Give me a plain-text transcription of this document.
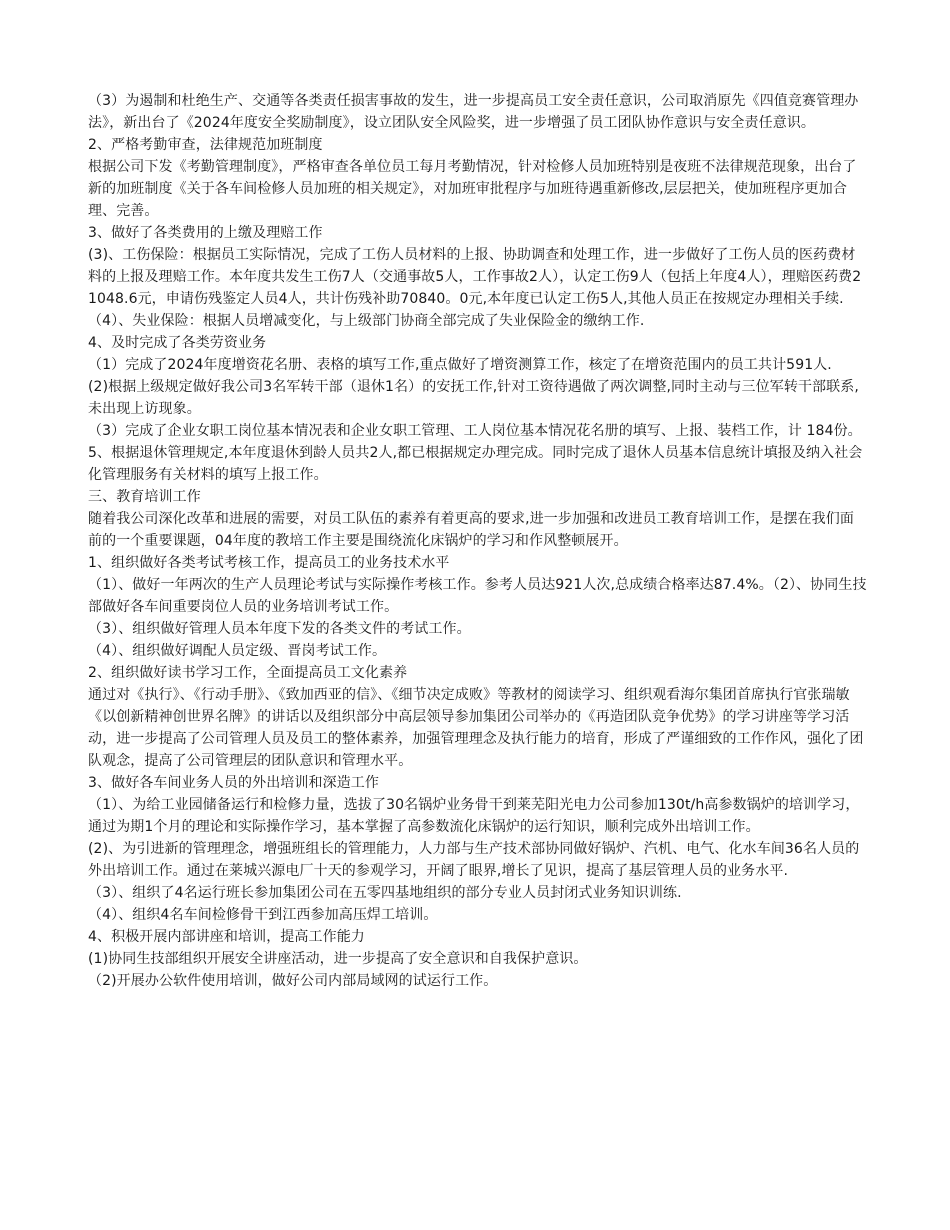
（3）为遏制和杜绝生产、交通等各类责任损害事故的发生，进一步提高员工安全责任意识，公司取消原先《四值竞赛管理办法》，新出台了《2024年度安全奖励制度》，设立团队安全风险奖，进一步增强了员工团队协作意识与安全责任意识。

2、严格考勤审查，法律规范加班制度

根据公司下发《考勤管理制度》，严格审查各单位员工每月考勤情况，针对检修人员加班特别是夜班不法律规范现象，出台了新的加班制度《关于各车间检修人员加班的相关规定》，对加班审批程序与加班待遇重新修改,层层把关，使加班程序更加合理、完善。

3、做好了各类费用的上缴及理赔工作

(3)、工伤保险：根据员工实际情况，完成了工伤人员材料的上报、协助调查和处理工作，进一步做好了工伤人员的医药费材料的上报及理赔工作。本年度共发生工伤7人（交通事故5人，工作事故2人），认定工伤9人（包括上年度4人），理赔医药费21048.6元，申请伤残鉴定人员4人，共计伤残补助70840。0元,本年度已认定工伤5人,其他人员正在按规定办理相关手续.

（4）、失业保险：根据人员增减变化，与上级部门协商全部完成了失业保险金的缴纳工作.

4、及时完成了各类劳资业务

（1）完成了2024年度增资花名册、表格的填写工作,重点做好了增资测算工作，核定了在增资范围内的员工共计591人.

(2)根据上级规定做好我公司3名军转干部（退休1名）的安抚工作,针对工资待遇做了两次调整,同时主动与三位军转干部联系,未出现上访现象。

（3）完成了企业女职工岗位基本情况表和企业女职工管理、工人岗位基本情况花名册的填写、上报、装档工作，计 184份。

5、根据退休管理规定,本年度退休到龄人员共2人,都已根据规定办理完成。同时完成了退休人员基本信息统计填报及纳入社会化管理服务有关材料的填写上报工作。

三、教育培训工作

随着我公司深化改革和进展的需要，对员工队伍的素养有着更高的要求,进一步加强和改进员工教育培训工作，是摆在我们面前的一个重要课题，04年度的教培工作主要是围绕流化床锅炉的学习和作风整顿展开。

1、组织做好各类考试考核工作，提高员工的业务技术水平

（1）、做好一年两次的生产人员理论考试与实际操作考核工作。参考人员达921人次,总成绩合格率达87.4%。（2）、协同生技部做好各车间重要岗位人员的业务培训考试工作。

（3）、组织做好管理人员本年度下发的各类文件的考试工作。

（4）、组织做好调配人员定级、晋岗考试工作。

2、组织做好读书学习工作，全面提高员工文化素养

通过对《执行》、《行动手册》、《致加西亚的信》、《细节决定成败》等教材的阅读学习、组织观看海尔集团首席执行官张瑞敏《以创新精神创世界名牌》的讲话以及组织部分中高层领导参加集团公司举办的《再造团队竞争优势》的学习讲座等学习活动，进一步提高了公司管理人员及员工的整体素养，加强管理理念及执行能力的培育，形成了严谨细致的工作作风，强化了团队观念，提高了公司管理层的团队意识和管理水平。

3、做好各车间业务人员的外出培训和深造工作

（1）、为给工业园储备运行和检修力量，选拔了30名锅炉业务骨干到莱芜阳光电力公司参加130t/h高参数锅炉的培训学习，通过为期1个月的理论和实际操作学习，基本掌握了高参数流化床锅炉的运行知识，顺利完成外出培训工作。

(2)、为引进新的管理理念，增强班组长的管理能力，人力部与生产技术部协同做好锅炉、汽机、电气、化水车间36名人员的外出培训工作。通过在莱城兴源电厂十天的参观学习，开阔了眼界,增长了见识，提高了基层管理人员的业务水平.

（3）、组织了4名运行班长参加集团公司在五零四基地组织的部分专业人员封闭式业务知识训练.

（4）、组织4名车间检修骨干到江西参加高压焊工培训。

4、积极开展内部讲座和培训，提高工作能力

(1)协同生技部组织开展安全讲座活动，进一步提高了安全意识和自我保护意识。

（2)开展办公软件使用培训，做好公司内部局域网的试运行工作。
